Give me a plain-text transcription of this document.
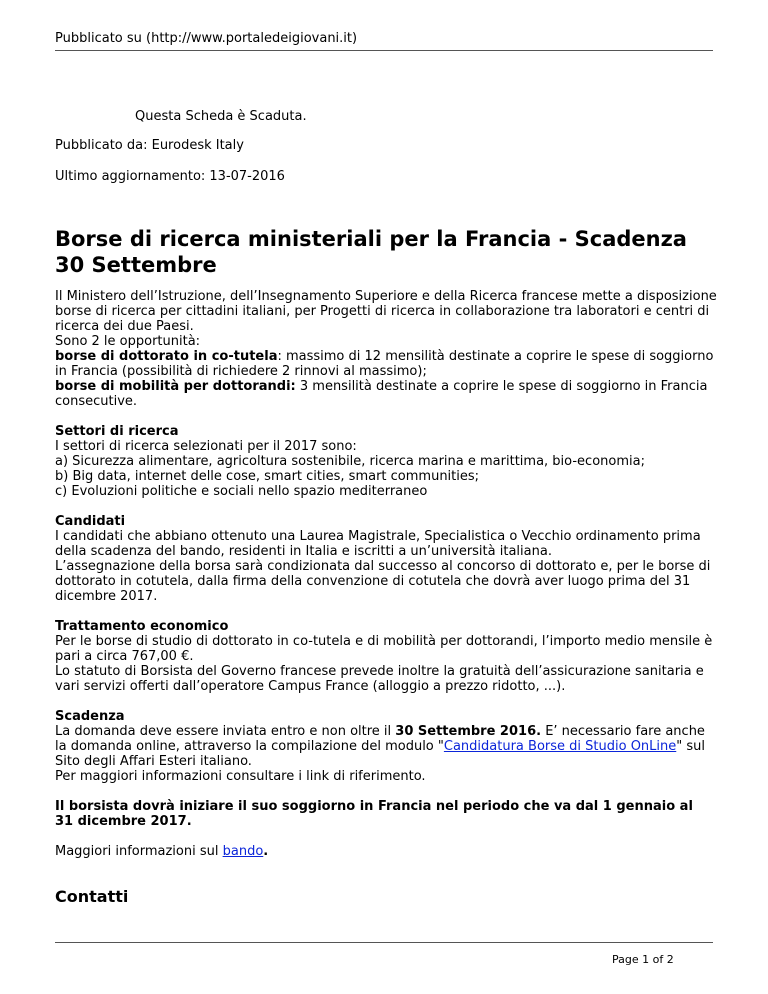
Pubblicato su (http://www.portaledeigiovani.it)
Questa Scheda è Scaduta.
Pubblicato da: Eurodesk Italy
Ultimo aggiornamento: 13-07-2016
Borse di ricerca ministeriali per la Francia - Scadenza 30 Settembre
Il Ministero dell’Istruzione, dell’Insegnamento Superiore e della Ricerca francese mette a disposizione
borse di ricerca per cittadini italiani, per Progetti di ricerca in collaborazione tra laboratori e centri di
ricerca dei due Paesi.
Sono 2 le opportunità:
borse di dottorato in co-tutela: massimo di 12 mensilità destinate a coprire le spese di soggiorno
in Francia (possibilità di richiedere 2 rinnovi al massimo);
borse di mobilità per dottorandi: 3 mensilità destinate a coprire le spese di soggiorno in Francia
consecutive.
Settori di ricerca
I settori di ricerca selezionati per il 2017 sono:
a) Sicurezza alimentare, agricoltura sostenibile, ricerca marina e marittima, bio-economia;
b) Big data, internet delle cose, smart cities, smart communities;
c) Evoluzioni politiche e sociali nello spazio mediterraneo
Candidati
I candidati che abbiano ottenuto una Laurea Magistrale, Specialistica o Vecchio ordinamento prima
della scadenza del bando, residenti in Italia e iscritti a un’università italiana.
L’assegnazione della borsa sarà condizionata dal successo al concorso di dottorato e, per le borse di
dottorato in cotutela, dalla firma della convenzione di cotutela che dovrà aver luogo prima del 31
dicembre 2017.
Trattamento economico
Per le borse di studio di dottorato in co-tutela e di mobilità per dottorandi, l’importo medio mensile è
pari a circa 767,00 €.
Lo statuto di Borsista del Governo francese prevede inoltre la gratuità dell’assicurazione sanitaria e
vari servizi offerti dall’operatore Campus France (alloggio a prezzo ridotto, ...).
Scadenza
La domanda deve essere inviata entro e non oltre il 30 Settembre 2016. E’ necessario fare anche
la domanda online, attraverso la compilazione del modulo "Candidatura Borse di Studio OnLine" sul
Sito degli Affari Esteri italiano.
Per maggiori informazioni consultare i link di riferimento.
Il borsista dovrà iniziare il suo soggiorno in Francia nel periodo che va dal 1 gennaio al
31 dicembre 2017.
Maggiori informazioni sul bando.
Contatti
Page 1 of 2
